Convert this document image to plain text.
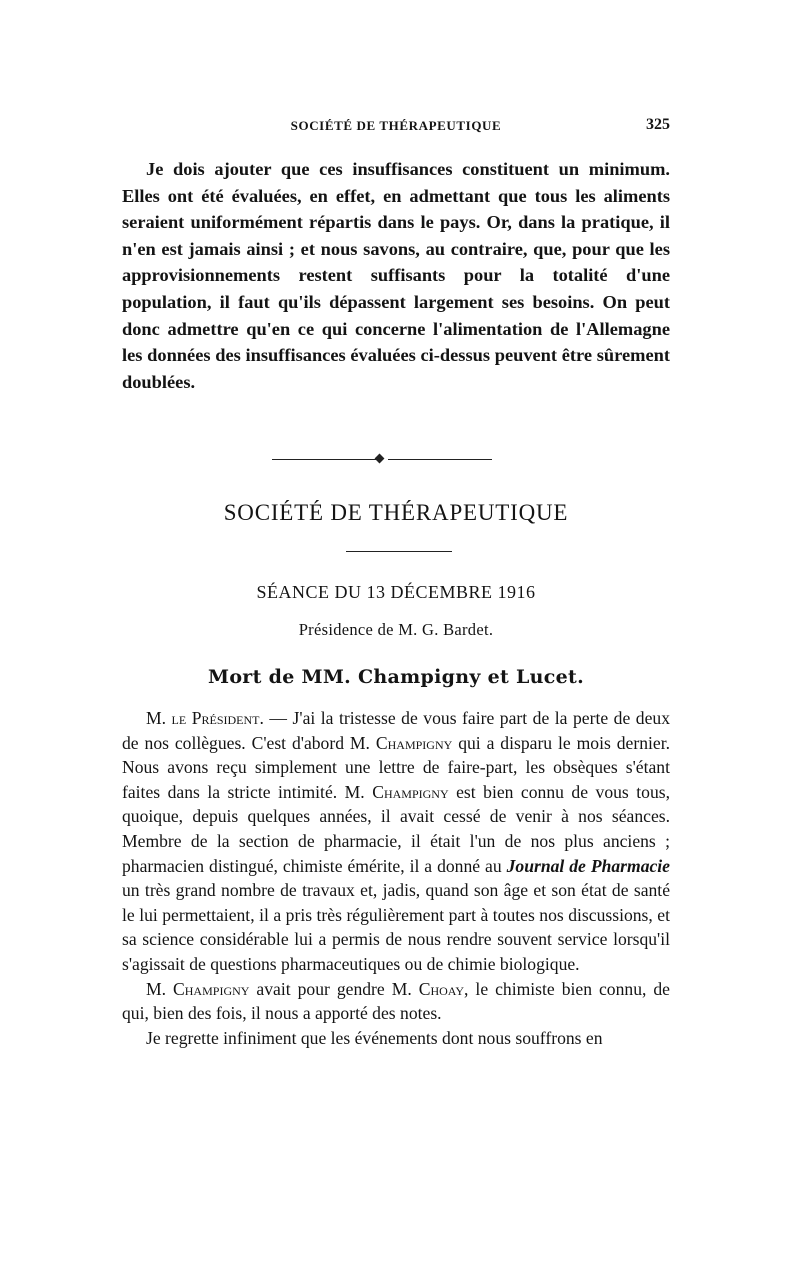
SOCIÉTÉ DE THÉRAPEUTIQUE	325

Je dois ajouter que ces insuffisances constituent un minimum. Elles ont été évaluées, en effet, en admettant que tous les aliments seraient uniformément répartis dans le pays. Or, dans la pratique, il n'en est jamais ainsi ; et nous savons, au contraire, que, pour que les approvisionnements restent suffisants pour la totalité d'une population, il faut qu'ils dépassent largement ses besoins. On peut donc admettre qu'en ce qui concerne l'alimentation de l'Allemagne les données des insuffisances évaluées ci-dessus peuvent être sûrement doublées.

SOCIÉTÉ DE THÉRAPEUTIQUE
SÉANCE DU 13 DÉCEMBRE 1916
Présidence de M. G. Bardet.
Mort de MM. Champigny et Lucet.

M. le Président. — J'ai la tristesse de vous faire part de la perte de deux de nos collègues. C'est d'abord M. Champigny qui a disparu le mois dernier. Nous avons reçu simplement une lettre de faire-part, les obsèques s'étant faites dans la stricte intimité. M. Champigny est bien connu de vous tous, quoique, depuis quelques années, il avait cessé de venir à nos séances. Membre de la section de pharmacie, il était l'un de nos plus anciens ; pharmacien distingué, chimiste émérite, il a donné au Journal de Pharmacie un très grand nombre de travaux et, jadis, quand son âge et son état de santé le lui permettaient, il a pris très régulièrement part à toutes nos discussions, et sa science considérable lui a permis de nous rendre souvent service lorsqu'il s'agissait de questions pharmaceutiques ou de chimie biologique.

M. Champigny avait pour gendre M. Choay, le chimiste bien connu, de qui, bien des fois, il nous a apporté des notes.

Je regrette infiniment que les événements dont nous souffrons en
